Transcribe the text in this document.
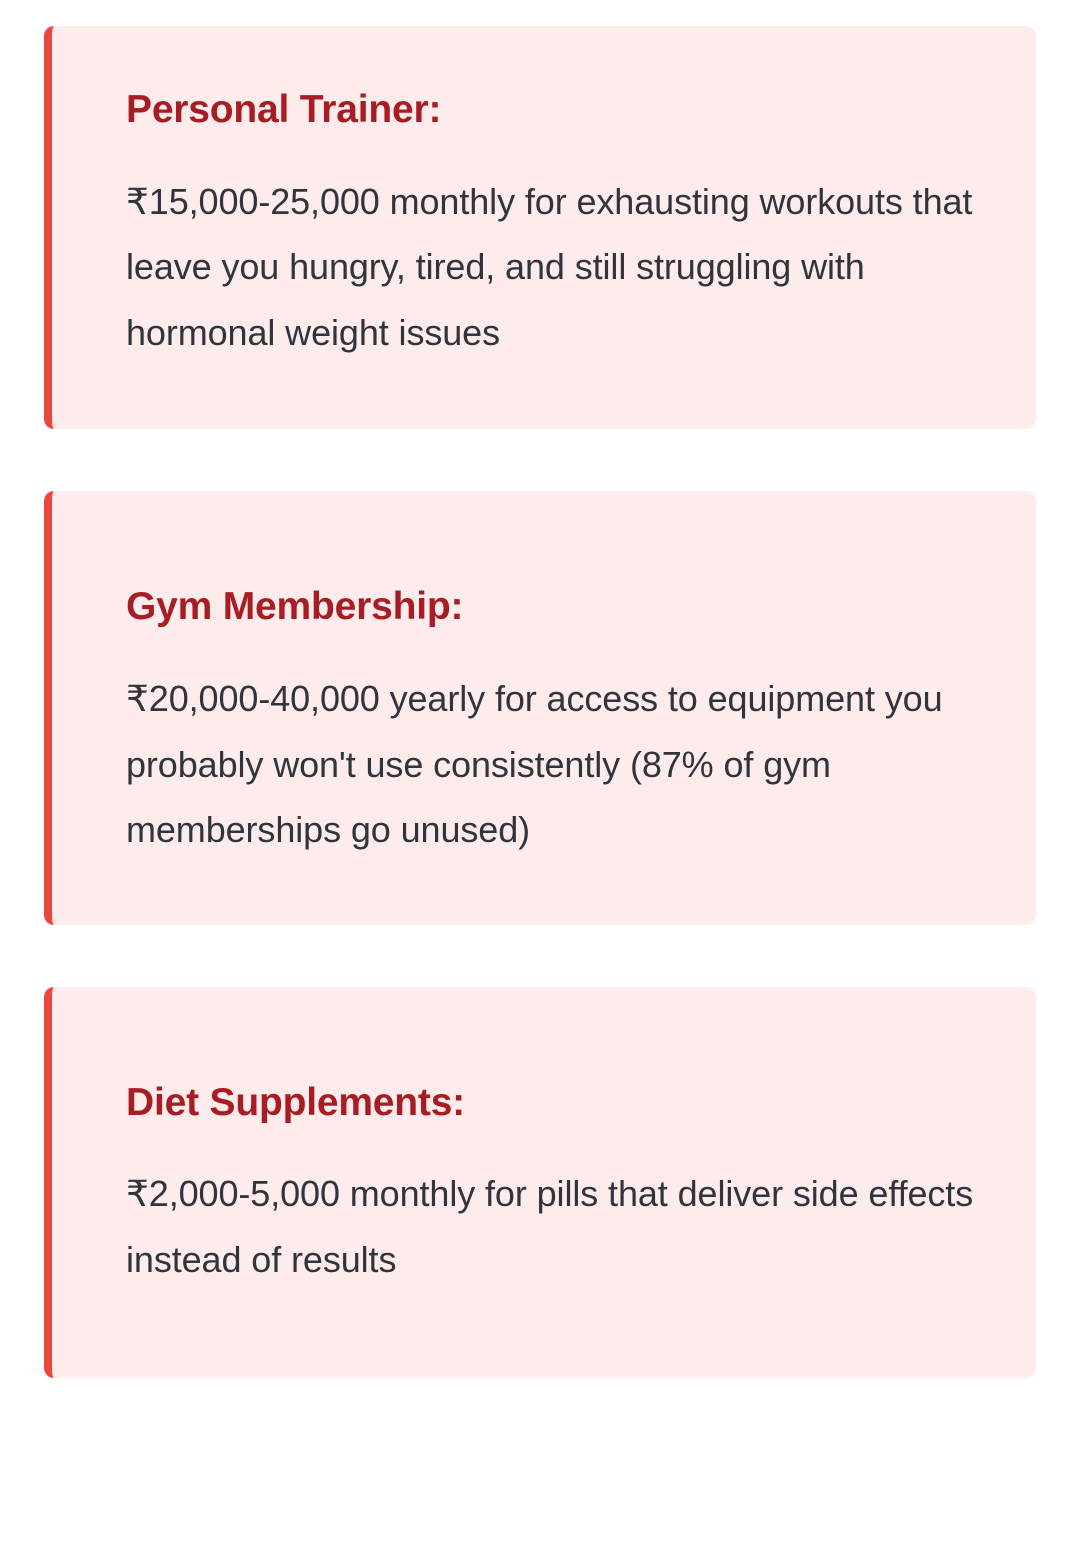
Personal Trainer:

₹15,000-25,000 monthly for exhausting workouts that leave you hungry, tired, and still struggling with hormonal weight issues

Gym Membership:

₹20,000-40,000 yearly for access to equipment you probably won't use consistently (87% of gym memberships go unused)

Diet Supplements:

₹2,000-5,000 monthly for pills that deliver side effects instead of results
